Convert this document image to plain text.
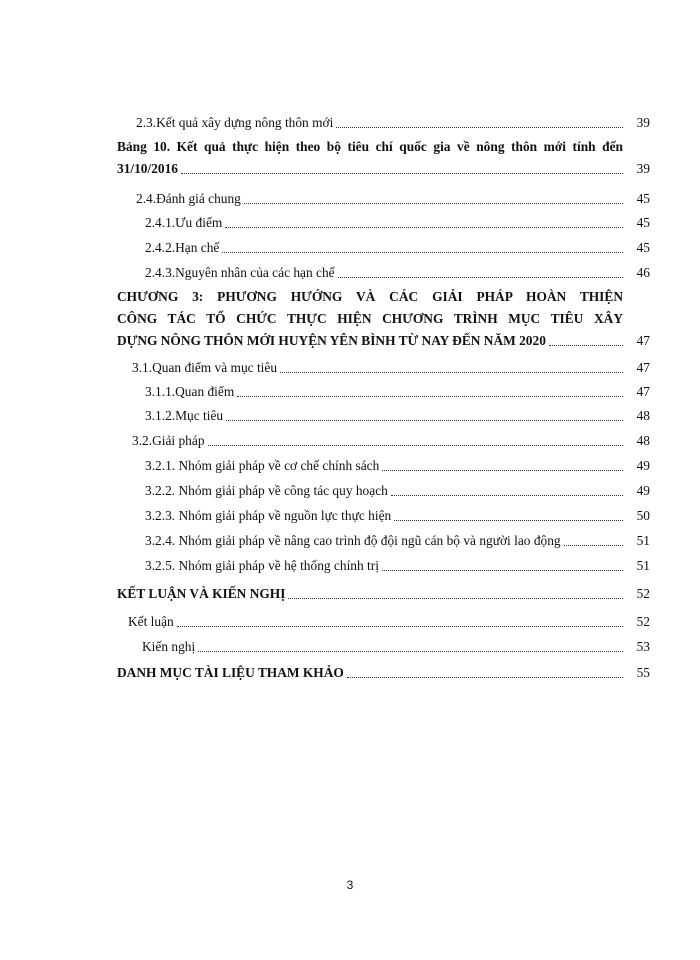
2.3.Kết quả xây dựng nông thôn mới	39
Bảng 10. Kết quả thực hiện theo bộ tiêu chí quốc gia về nông thôn mới tính đến
31/10/2016	39
2.4.Đánh giá chung	45
2.4.1.Ưu điểm	45
2.4.2.Hạn chế	45
2.4.3.Nguyên nhân của các hạn chế	46
CHƯƠNG 3: PHƯƠNG HƯỚNG VÀ CÁC GIẢI PHÁP HOÀN THIỆN
CÔNG TÁC TỔ CHỨC THỰC HIỆN CHƯƠNG TRÌNH MỤC TIÊU XÂY
DỰNG NÔNG THÔN MỚI HUYỆN YÊN BÌNH TỪ NAY ĐẾN NĂM 2020	47
3.1.Quan điểm và mục tiêu	47
3.1.1.Quan điểm	47
3.1.2.Mục tiêu	48
3.2.Giải pháp	48
3.2.1. Nhóm giải pháp về cơ chế chính sách	49
3.2.2. Nhóm giải pháp về công tác quy hoạch	49
3.2.3. Nhóm giải pháp về nguồn lực thực hiện	50
3.2.4. Nhóm giải pháp về nâng cao trình độ đội ngũ cán bộ và người lao động	51
3.2.5. Nhóm giải pháp về hệ thống chính trị	51
KẾT LUẬN VÀ KIẾN NGHỊ	52
Kết luận	52
Kiến nghị	53
DANH MỤC TÀI LIỆU THAM KHẢO	55
3
